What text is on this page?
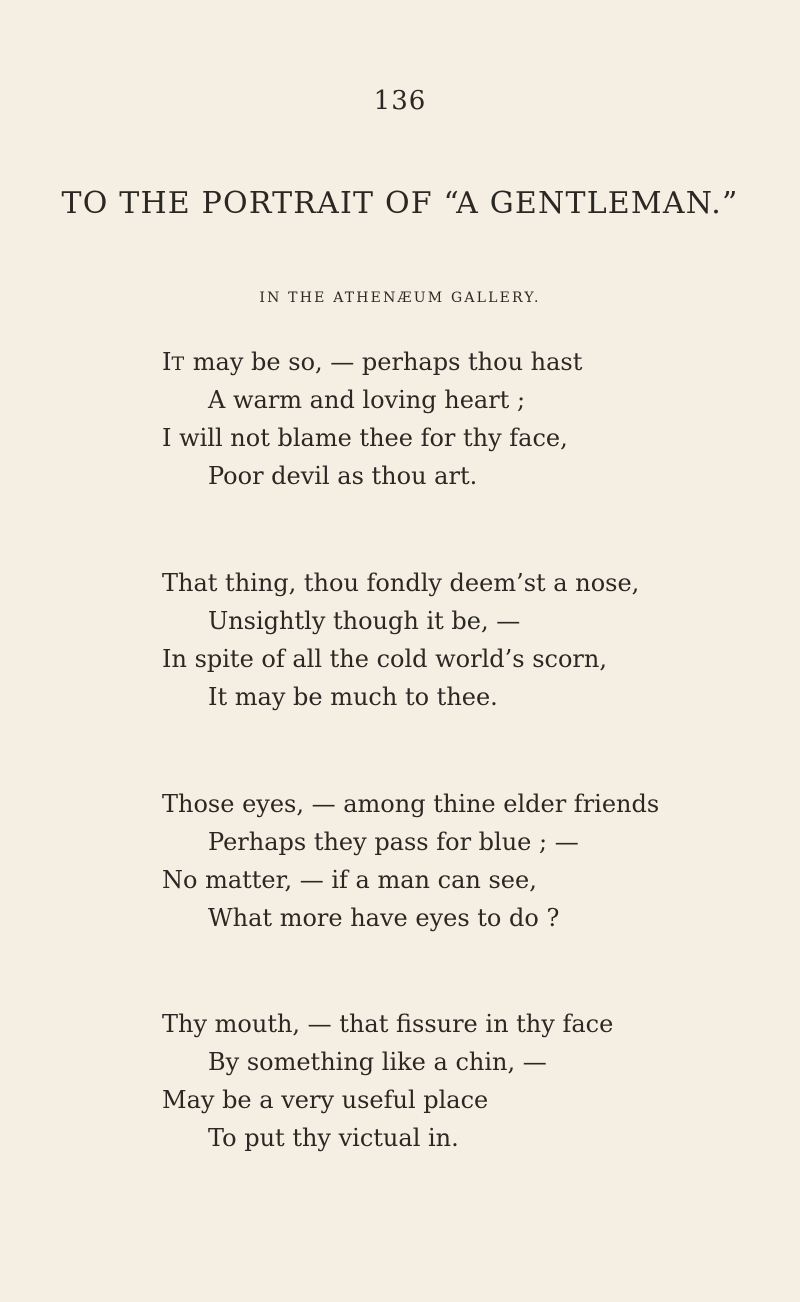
136
TO THE PORTRAIT OF “A GENTLEMAN.”
IN THE ATHENÆUM GALLERY.
IT may be so, — perhaps thou hast
A warm and loving heart ;
I will not blame thee for thy face,
Poor devil as thou art.
That thing, thou fondly deem’st a nose,
Unsightly though it be, —
In spite of all the cold world’s scorn,
It may be much to thee.
Those eyes, — among thine elder friends
Perhaps they pass for blue ; —
No matter, — if a man can see,
What more have eyes to do ?
Thy mouth, — that fissure in thy face
By something like a chin, —
May be a very useful place
To put thy victual in.
